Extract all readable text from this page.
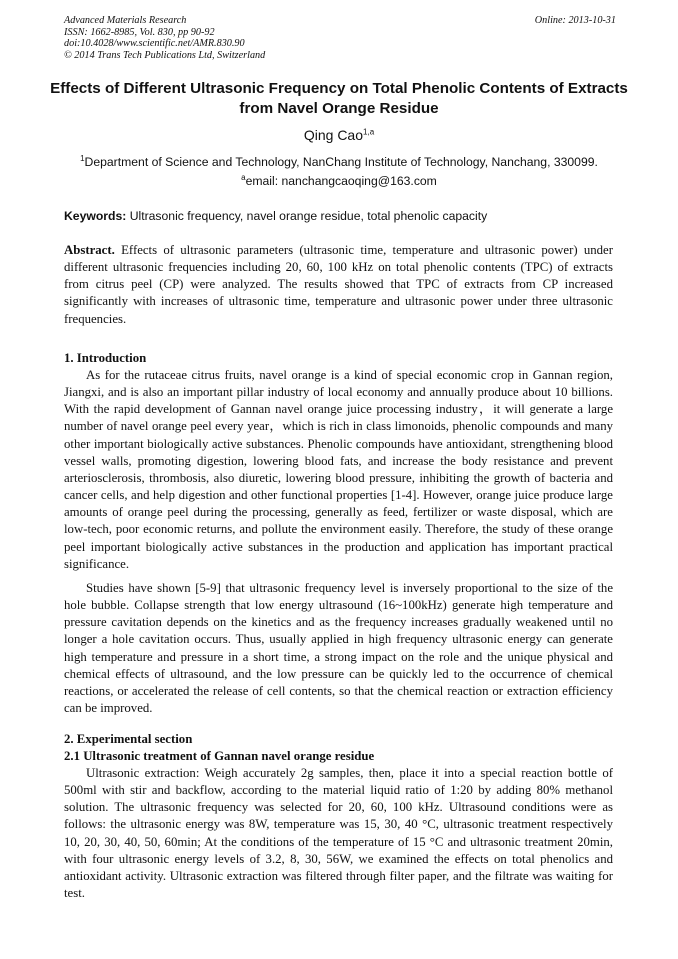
Advanced Materials Research
ISSN: 1662-8985, Vol. 830, pp 90-92
doi:10.4028/www.scientific.net/AMR.830.90
© 2014 Trans Tech Publications Ltd, Switzerland
Online: 2013-10-31
Effects of Different Ultrasonic Frequency on Total Phenolic Contents of Extracts from Navel Orange Residue
Qing Cao$^{1,a}$
$^1$Department of Science and Technology, NanChang Institute of Technology, Nanchang, 330099.
$^a$email: nanchangcaoqing@163.com
Keywords: Ultrasonic frequency, navel orange residue, total phenolic capacity

Abstract. Effects of ultrasonic parameters (ultrasonic time, temperature and ultrasonic power) under different ultrasonic frequencies including 20, 60, 100 kHz on total phenolic contents (TPC) of extracts from citrus peel (CP) were analyzed. The results showed that TPC of extracts from CP increased significantly with increases of ultrasonic time, temperature and ultrasonic power under three ultrasonic frequencies.

1. Introduction

As for the rutaceae citrus fruits, navel orange is a kind of special economic crop in Gannan region, Jiangxi, and is also an important pillar industry of local economy and annually produce about 10 billions. With the rapid development of Gannan navel orange juice processing industry，it will generate a large number of navel orange peel every year，which is rich in class limonoids, phenolic compounds and many other important biologically active substances. Phenolic compounds have antioxidant, strengthening blood vessel walls, promoting digestion, lowering blood fats, and increase the body resistance and prevent arteriosclerosis, thrombosis, also diuretic, lowering blood pressure, inhibiting the growth of bacteria and cancer cells, and help digestion and other functional properties [1-4]. However, orange juice produce large amounts of orange peel during the processing, generally as feed, fertilizer or waste disposal, which are low-tech, poor economic returns, and pollute the environment easily. Therefore, the study of these orange peel important biologically active substances in the production and application has important practical significance.

Studies have shown [5-9] that ultrasonic frequency level is inversely proportional to the size of the hole bubble. Collapse strength that low energy ultrasound (16~100kHz) generate high temperature and pressure cavitation depends on the kinetics and as the frequency increases gradually weakened until no longer a hole cavitation occurs. Thus, usually applied in high frequency ultrasonic energy can generate high temperature and pressure in a short time, a strong impact on the role and the unique physical and chemical effects of ultrasound, and the low pressure can be quickly led to the occurrence of chemical reactions, or accelerated the release of cell contents, so that the chemical reaction or extraction efficiency can be improved.

2. Experimental section
2.1 Ultrasonic treatment of Gannan navel orange residue

Ultrasonic extraction: Weigh accurately 2g samples, then, place it into a special reaction bottle of 500ml with stir and backflow, according to the material liquid ratio of 1:20 by adding 80% methanol solution. The ultrasonic frequency was selected for 20, 60, 100 kHz. Ultrasound conditions were as follows: the ultrasonic energy was 8W, temperature was 15, 30, 40 °C, ultrasonic treatment respectively 10, 20, 30, 40, 50, 60min; At the conditions of the temperature of 15 °C and ultrasonic treatment 20min, with four ultrasonic energy levels of 3.2, 8, 30, 56W, we examined the effects on total phenolics and antioxidant activity. Ultrasonic extraction was filtered through filter paper, and the filtrate was waiting for test.
